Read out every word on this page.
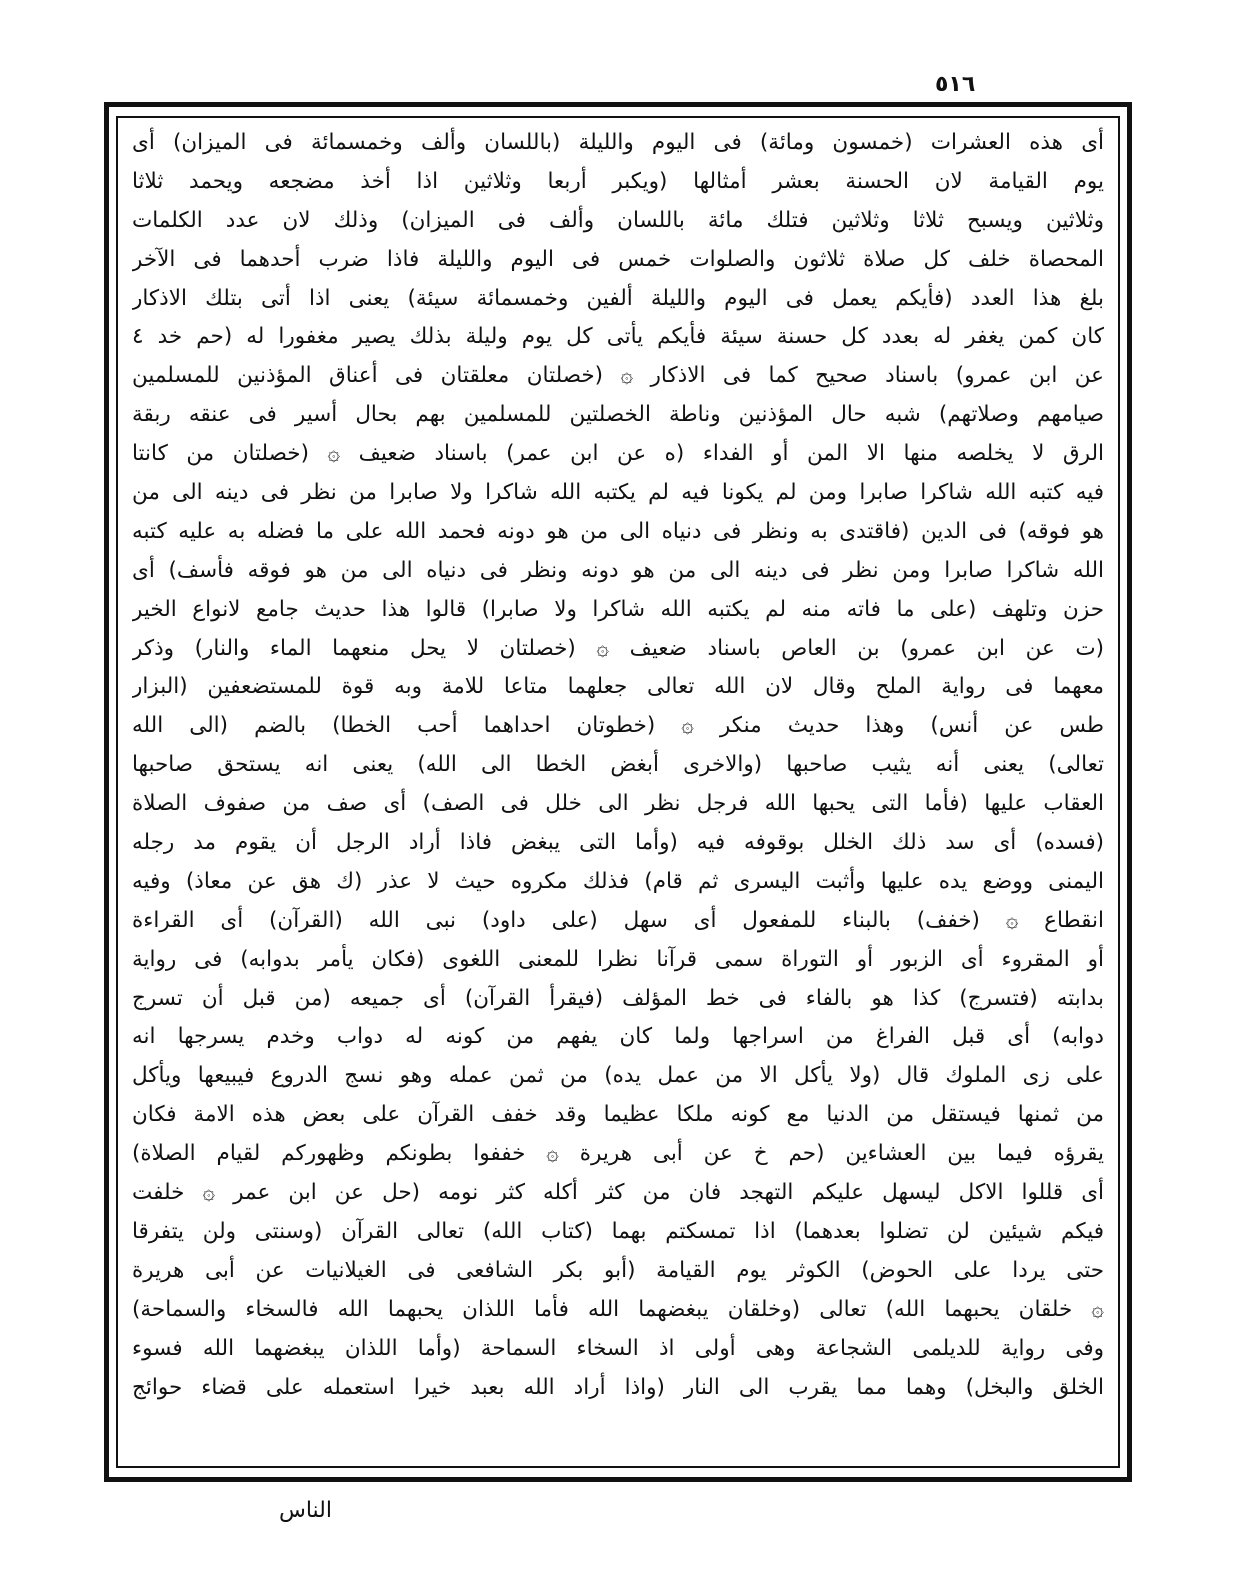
٥١٦
أى هذه العشرات (خمسون ومائة) فى اليوم والليلة (باللسان وألف وخمسمائة فى الميزان) أى
يوم القيامة لان الحسنة بعشر أمثالها (ويكبر أربعا وثلاثين اذا أخذ مضجعه ويحمد ثلاثا
وثلاثين ويسبح ثلاثا وثلاثين فتلك مائة باللسان وألف فى الميزان) وذلك لان عدد الكلمات
المحصاة خلف كل صلاة ثلاثون والصلوات خمس فى اليوم والليلة فاذا ضرب أحدهما فى الآخر
بلغ هذا العدد (فأيكم يعمل فى اليوم والليلة ألفين وخمسمائة سيئة) يعنى اذا أتى بتلك الاذكار
كان كمن يغفر له بعدد كل حسنة سيئة فأيكم يأتى كل يوم وليلة بذلك يصير مغفورا له (حم خد ٤
عن ابن عمرو) باسناد صحيح كما فى الاذكار ۞ (خصلتان معلقتان فى أعناق المؤذنين للمسلمين
صيامهم وصلاتهم) شبه حال المؤذنين وناطة الخصلتين للمسلمين بهم بحال أسير فى عنقه ربقة
الرق لا يخلصه منها الا المن أو الفداء (ه عن ابن عمر) باسناد ضعيف ۞ (خصلتان من كانتا
فيه كتبه الله شاكرا صابرا ومن لم يكونا فيه لم يكتبه الله شاكرا ولا صابرا من نظر فى دينه الى من
هو فوقه) فى الدين (فاقتدى به ونظر فى دنياه الى من هو دونه فحمد الله على ما فضله به عليه كتبه
الله شاكرا صابرا ومن نظر فى دينه الى من هو دونه ونظر فى دنياه الى من هو فوقه فأسف) أى
حزن وتلهف (على ما فاته منه لم يكتبه الله شاكرا ولا صابرا) قالوا هذا حديث جامع لانواع الخير
(ت عن ابن عمرو) بن العاص باسناد ضعيف ۞ (خصلتان لا يحل منعهما الماء والنار) وذكر
معهما فى رواية الملح وقال لان الله تعالى جعلهما متاعا للامة وبه قوة للمستضعفين (البزار
طس عن أنس) وهذا حديث منكر ۞ (خطوتان احداهما أحب الخطا) بالضم (الى الله
تعالى) يعنى أنه يثيب صاحبها (والاخرى أبغض الخطا الى الله) يعنى انه يستحق صاحبها
العقاب عليها (فأما التى يحبها الله فرجل نظر الى خلل فى الصف) أى صف من صفوف الصلاة
(فسده) أى سد ذلك الخلل بوقوفه فيه (وأما التى يبغض فاذا أراد الرجل أن يقوم مد رجله
اليمنى ووضع يده عليها وأثبت اليسرى ثم قام) فذلك مكروه حيث لا عذر (ك هق عن معاذ) وفيه
انقطاع ۞ (خفف) بالبناء للمفعول أى سهل (على داود) نبى الله (القرآن) أى القراءة
أو المقروء أى الزبور أو التوراة سمى قرآنا نظرا للمعنى اللغوى (فكان يأمر بدوابه) فى رواية
بدابته (فتسرج) كذا هو بالفاء فى خط المؤلف (فيقرأ القرآن) أى جميعه (من قبل أن تسرج
دوابه) أى قبل الفراغ من اسراجها ولما كان يفهم من كونه له دواب وخدم يسرجها انه
على زى الملوك قال (ولا يأكل الا من عمل يده) من ثمن عمله وهو نسج الدروع فيبيعها ويأكل
من ثمنها فيستقل من الدنيا مع كونه ملكا عظيما وقد خفف القرآن على بعض هذه الامة فكان
يقرؤه فيما بين العشاءين (حم خ عن أبى هريرة ۞ خففوا بطونكم وظهوركم لقيام الصلاة)
أى قللوا الاكل ليسهل عليكم التهجد فان من كثر أكله كثر نومه (حل عن ابن عمر ۞ خلفت
فيكم شيئين لن تضلوا بعدهما) اذا تمسكتم بهما (كتاب الله) تعالى القرآن (وسنتى ولن يتفرقا
حتى يردا على الحوض) الكوثر يوم القيامة (أبو بكر الشافعى فى الغيلانيات عن أبى هريرة
۞ خلقان يحبهما الله) تعالى (وخلقان يبغضهما الله فأما اللذان يحبهما الله فالسخاء والسماحة)
وفى رواية للديلمى الشجاعة وهى أولى اذ السخاء السماحة (وأما اللذان يبغضهما الله فسوء
الخلق والبخل) وهما مما يقرب الى النار (واذا أراد الله بعبد خيرا استعمله على قضاء حوائج
الناس
